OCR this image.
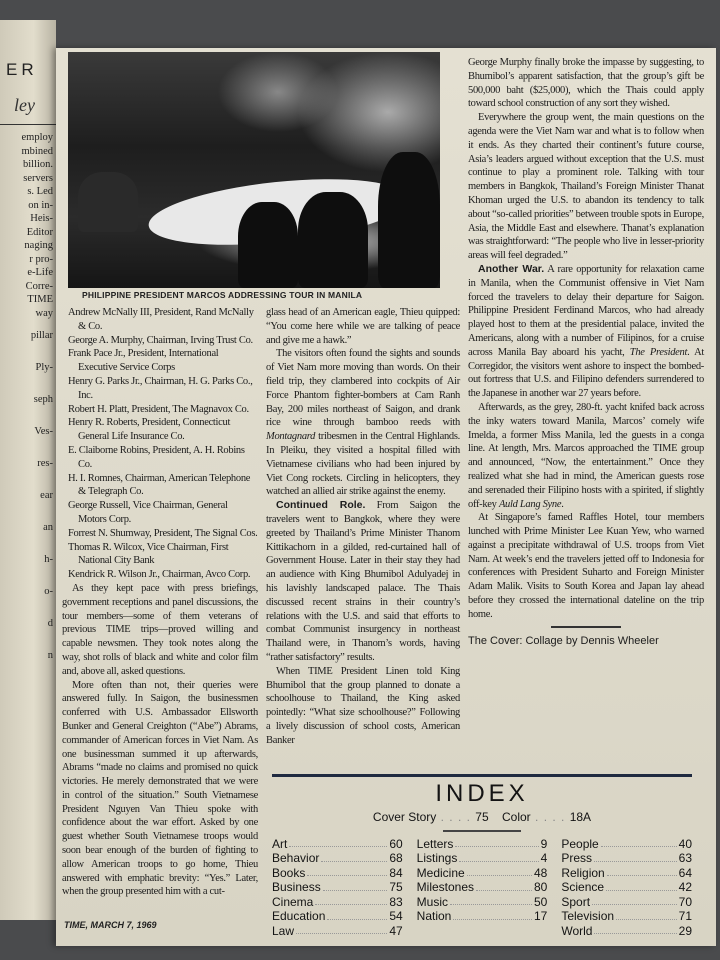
ER
ley
employ
mbined
billion.
servers
s. Led
on in-
Heis-
Editor
naging
r pro-
e-Life
Corre-
TIME
way
pillar
Ply-
seph
Ves-
res-
ear
an
h-
o-
d
n
PHILIPPINE PRESIDENT MARCOS ADDRESSING TOUR IN MANILA

Andrew McNally III, President, Rand McNally & Co.

George A. Murphy, Chairman, Irving Trust Co.

Frank Pace Jr., President, International Executive Service Corps

Henry G. Parks Jr., Chairman, H. G. Parks Co., Inc.

Robert H. Platt, President, The Magnavox Co.

Henry R. Roberts, President, Connecticut General Life Insurance Co.

E. Claiborne Robins, President, A. H. Robins Co.

H. I. Romnes, Chairman, American Telephone & Telegraph Co.

George Russell, Vice Chairman, General Motors Corp.

Forrest N. Shumway, President, The Signal Cos.

Thomas R. Wilcox, Vice Chairman, First National City Bank

Kendrick R. Wilson Jr., Chairman, Avco Corp.

As they kept pace with press briefings, government receptions and panel discussions, the tour members—some of them veterans of previous TIME trips—proved willing and capable newsmen. They took notes along the way, shot rolls of black and white and color film and, above all, asked questions.

More often than not, their queries were answered fully. In Saigon, the businessmen conferred with U.S. Ambassador Ellsworth Bunker and General Creighton (“Abe”) Abrams, commander of American forces in Viet Nam. As one businessman summed it up afterwards, Abrams “made no claims and promised no quick victories. He merely demonstrated that we were in control of the situation.” South Vietnamese President Nguyen Van Thieu spoke with confidence about the war effort. Asked by one guest whether South Vietnamese troops would soon bear enough of the burden of fighting to allow American troops to go home, Thieu answered with emphatic brevity: “Yes.” Later, when the group presented him with a cut-

glass head of an American eagle, Thieu quipped: “You come here while we are talking of peace and give me a hawk.”

The visitors often found the sights and sounds of Viet Nam more moving than words. On their field trip, they clambered into cockpits of Air Force Phantom fighter-bombers at Cam Ranh Bay, 200 miles northeast of Saigon, and drank rice wine through bamboo reeds with Montagnard tribesmen in the Central Highlands. In Pleiku, they visited a hospital filled with Vietnamese civilians who had been injured by Viet Cong rockets. Circling in helicopters, they watched an allied air strike against the enemy.

Continued Role. From Saigon the travelers went to Bangkok, where they were greeted by Thailand’s Prime Minister Thanom Kittikachorn in a gilded, red-curtained hall of Government House. Later in their stay they had an audience with King Bhumibol Adulyadej in his lavishly landscaped palace. The Thais discussed recent strains in their country’s relations with the U.S. and said that efforts to combat Communist insurgency in northeast Thailand were, in Thanom’s words, having “rather satisfactory” results.

When TIME President Linen told King Bhumibol that the group planned to donate a schoolhouse to Thailand, the King asked pointedly: “What size schoolhouse?” Following a lively discussion of school costs, American Banker

George Murphy finally broke the impasse by suggesting, to Bhumibol’s apparent satisfaction, that the group’s gift be 500,000 baht ($25,000), which the Thais could apply toward school construction of any sort they wished.

Everywhere the group went, the main questions on the agenda were the Viet Nam war and what is to follow when it ends. As they charted their continent’s future course, Asia’s leaders argued without exception that the U.S. must continue to play a prominent role. Talking with tour members in Bangkok, Thailand’s Foreign Minister Thanat Khoman urged the U.S. to abandon its tendency to talk about “so-called priorities” between trouble spots in Europe, Asia, the Middle East and elsewhere. Thanat’s explanation was straightforward: “The people who live in lesser-priority areas will feel degraded.”

Another War. A rare opportunity for relaxation came in Manila, when the Communist offensive in Viet Nam forced the travelers to delay their departure for Saigon. Philippine President Ferdinand Marcos, who had already played host to them at the presidential palace, invited the Americans, along with a number of Filipinos, for a cruise across Manila Bay aboard his yacht, The President. At Corregidor, the visitors went ashore to inspect the bombed-out fortress that U.S. and Filipino defenders surrendered to the Japanese in another war 27 years before.

Afterwards, as the grey, 280-ft. yacht knifed back across the inky waters toward Manila, Marcos’ comely wife Imelda, a former Miss Manila, led the guests in a conga line. At length, Mrs. Marcos approached the TIME group and announced, “Now, the entertainment.” Once they realized what she had in mind, the American guests rose and serenaded their Filipino hosts with a spirited, if slightly off-key Auld Lang Syne.

At Singapore’s famed Raffles Hotel, tour members lunched with Prime Minister Lee Kuan Yew, who warned against a precipitate withdrawal of U.S. troops from Viet Nam. At week’s end the travelers jetted off to Indonesia for conferences with President Suharto and Foreign Minister Adam Malik. Visits to South Korea and Japan lay ahead before they crossed the international dateline on the trip home.

The Cover: Collage by Dennis Wheeler

INDEX
Cover Story . . . . 75 Color . . . . 18A
Art	60
Behavior	68
Books	84
Business	75
Cinema	83
Education	54
Law	47
Letters	9
Listings	4
Medicine	48
Milestones	80
Music	50
Nation	17
People	40
Press	63
Religion	64
Science	42
Sport	70
Television	71
World	29
TIME, MARCH 7, 1969
